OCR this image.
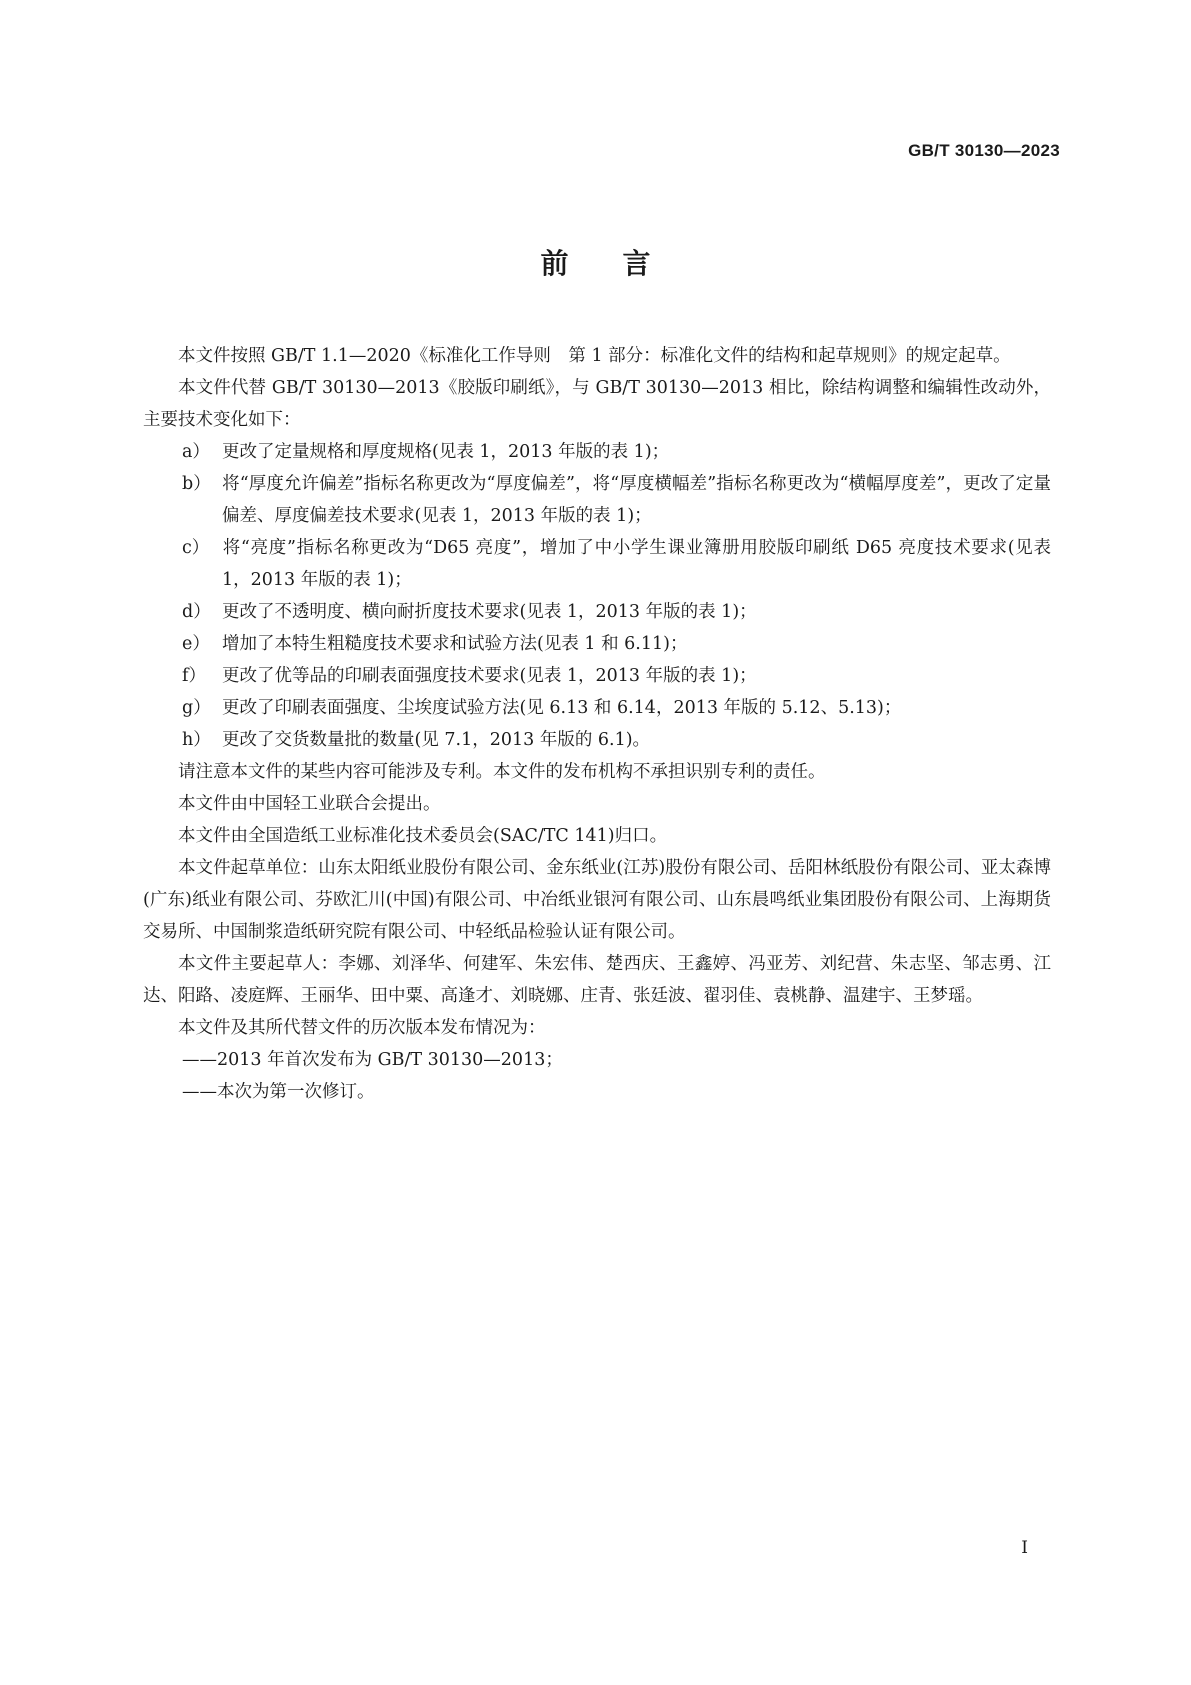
GB/T 30130—2023
前言

本文件按照 GB/T 1.1—2020《标准化工作导则　第 1 部分：标准化文件的结构和起草规则》的规定起草。

本文件代替 GB/T 30130—2013《胶版印刷纸》，与 GB/T 30130—2013 相比，除结构调整和编辑性改动外，主要技术变化如下：

a） 更改了定量规格和厚度规格(见表 1，2013 年版的表 1)；

b） 将“厚度允许偏差”指标名称更改为“厚度偏差”，将“厚度横幅差”指标名称更改为“横幅厚度差”，更改了定量偏差、厚度偏差技术要求(见表 1，2013 年版的表 1)；

c） 将“亮度”指标名称更改为“D65 亮度”，增加了中小学生课业簿册用胶版印刷纸 D65 亮度技术要求(见表 1，2013 年版的表 1)；

d） 更改了不透明度、横向耐折度技术要求(见表 1，2013 年版的表 1)；

e） 增加了本特生粗糙度技术要求和试验方法(见表 1 和 6.11)；

f） 更改了优等品的印刷表面强度技术要求(见表 1，2013 年版的表 1)；

g） 更改了印刷表面强度、尘埃度试验方法(见 6.13 和 6.14，2013 年版的 5.12、5.13)；

h） 更改了交货数量批的数量(见 7.1，2013 年版的 6.1)。

请注意本文件的某些内容可能涉及专利。本文件的发布机构不承担识别专利的责任。

本文件由中国轻工业联合会提出。

本文件由全国造纸工业标准化技术委员会(SAC/TC 141)归口。

本文件起草单位：山东太阳纸业股份有限公司、金东纸业(江苏)股份有限公司、岳阳林纸股份有限公司、亚太森博(广东)纸业有限公司、芬欧汇川(中国)有限公司、中冶纸业银河有限公司、山东晨鸣纸业集团股份有限公司、上海期货交易所、中国制浆造纸研究院有限公司、中轻纸品检验认证有限公司。

本文件主要起草人：李娜、刘泽华、何建军、朱宏伟、楚西庆、王鑫婷、冯亚芳、刘纪营、朱志坚、邹志勇、江达、阳路、凌庭辉、王丽华、田中粟、高逢才、刘晓娜、庄青、张廷波、翟羽佳、袁桃静、温建宇、王梦瑶。

本文件及其所代替文件的历次版本发布情况为：

——2013 年首次发布为 GB/T 30130—2013；

——本次为第一次修订。

I
